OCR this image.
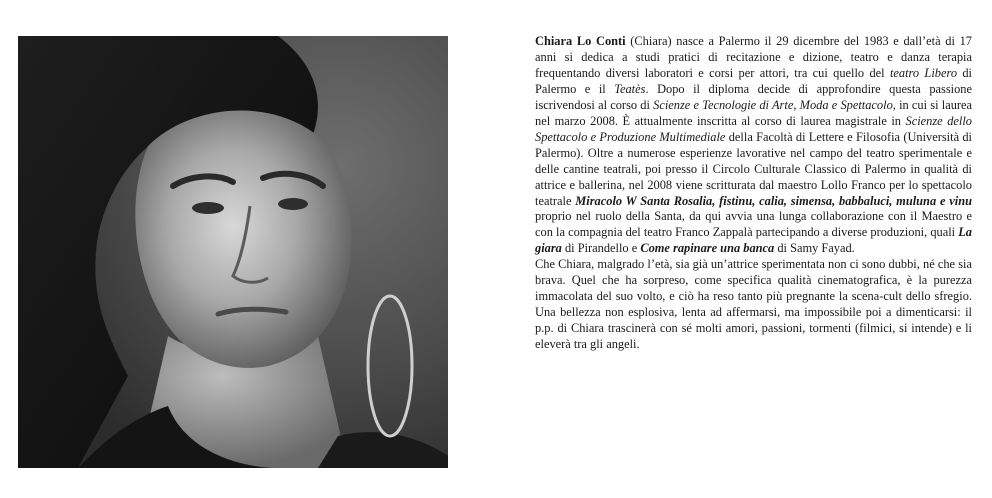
Chiara Lo Conti (Chiara) nasce a Palermo il 29 dicembre del 1983 e dall’età di 17 anni si dedica a studi pratici di recitazione e dizione, teatro e danza terapia frequentando diversi laboratori e corsi per attori, tra cui quello del teatro Libero di Palermo e il Teatès. Dopo il diploma decide di approfondire questa passione iscrivendosi al corso di Scienze e Tecnologie di Arte, Moda e Spettacolo, in cui si laurea nel marzo 2008. È attualmente inscritta al corso di laurea magistrale in Scienze dello Spettacolo e Produzione Multimediale della Facoltà di Lettere e Filosofia (Università di Palermo). Oltre a numerose esperienze lavorative nel campo del teatro sperimentale e delle cantine teatrali, poi presso il Circolo Culturale Classico di Palermo in qualità di attrice e ballerina, nel 2008 viene scritturata dal maestro Lollo Franco per lo spettacolo teatrale Miracolo W Santa Rosalia, fistinu, calia, simensa, babbaluci, muluna e vinu proprio nel ruolo della Santa, da qui avvia una lunga collaborazione con il Maestro e con la compagnia del teatro Franco Zappalà partecipando a diverse produzioni, quali La giara di Pirandello e Come rapinare una banca di Samy Fayad.

Che Chiara, malgrado l’età, sia già un’attrice sperimentata non ci sono dubbi, né che sia brava. Quel che ha sorpreso, come specifica qualità cinematografica, è la purezza immacolata del suo volto, e ciò ha reso tanto più pregnante la scena-cult dello sfregio. Una bellezza non esplosiva, lenta ad affermarsi, ma impossibile poi a dimenticarsi: il p.p. di Chiara trascinerà con sé molti amori, passioni, tormenti (filmici, si intende) e li eleverà tra gli angeli.
